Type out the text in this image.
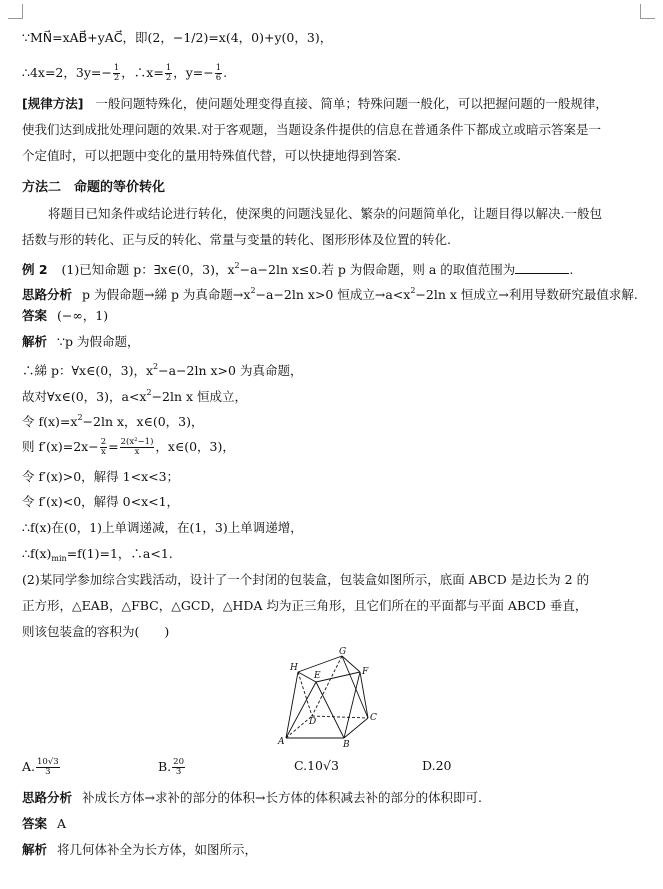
∵MN⃗=xAB⃗+yAC⃗，即(2，−1/2)=x(4，0)+y(0，3)，
∴4x=2，$3y=- \frac{1}{2}$ ，∴x= $\frac{1}{2}$ ，$y=- \frac{1}{6}$ .
[规律方法] 一般问题特殊化，使问题处理变得直接、简单；特殊问题一般化，可以把握问题的一般规律，
使我们达到成批处理问题的效果.对于客观题，当题设条件提供的信息在普通条件下都成立或暗示答案是一
个定值时，可以把题中变化的量用特殊值代替，可以快捷地得到答案.
方法二　命题的等价转化
将题目已知条件或结论进行转化，使深奥的问题浅显化、繁杂的问题简单化，让题目得以解决.一般包
括数与形的转化、正与反的转化、常量与变量的转化、图形形体及位置的转化.
例 2 (1)已知命题 p：∃x∈(0，3)，$x^2-a-2\ln$ x≤0.若 p 为假命题，则 a 的取值范围为	.
思路分析 p 为假命题→綈 p 为真命题$\to x^2-a-2\ln$ x>0 恒成立$\to a<x^2-2\ln$ x 恒成立→利用导数研究最值求解.
答案 (−∞，1)
解析 ∵p 为假命题，
∴綈 p：∀x∈(0，3)，$x^2-a-2\ln$ x>0 为真命题，
故对∀x∈(0，3)，$a<x^2-2\ln$ x 恒成立，
令 $f(x)=x^2-2\ln$ x，x∈(0，3)，
则 $f'(x)=2x- \frac{2}{x} = \frac{\text{2(x²−1)}}{x}$ ，x∈(0，3)，
令 f′(x)>0，解得 1<x<3；
令 f′(x)<0，解得 0<x<1，
∴f(x)在(0，1)上单调递减，在(1，3)上单调递增，
$\therefore f(x)_{min}=f(1)=1$，∴a<1.
(2)某同学参加综合实践活动，设计了一个封闭的包装盒，包装盒如图所示，底面 ABCD 是边长为 2 的
正方形，△EAB，△FBC，△GCD，△HDA 均为正三角形，且它们所在的平面都与平面 ABCD 垂直，
则该包装盒的容积为(　　)
H
G
F
E
D	C
A	B
A. $\frac{10√3}{3}$	B. $\frac{20}{3}$	C.10√3	D.20
思路分析 补成长方体→求补的部分的体积→长方体的体积减去补的部分的体积即可.
答案 A
解析 将几何体补全为长方体，如图所示，
